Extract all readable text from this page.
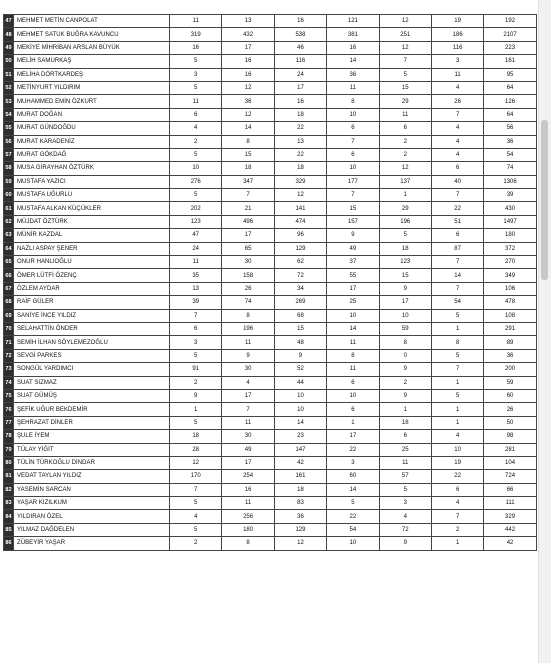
47	MEHMET METİN CANPOLAT	11	13	16	121	12	19	192
48	MEHMET SATUK BUĞRA KAVUNCU	319	432	538	381	251	186	2107
49	MEKİYE MİHRİBAN ARSLAN BÜYÜK	16	17	46	16	12	116	223
50	MELİH SAMURKAŞ	5	16	116	14	7	3	161
51	MELİHA DÖRTKARDEŞ	3	16	24	36	5	11	95
52	METİNYURT YILDIRIM	5	12	17	11	15	4	64
53	MUHAMMED EMİN ÖZKURT	11	36	16	8	29	26	126
54	MURAT DOĞAN	6	12	18	10	11	7	64
55	MURAT GÜNDOĞDU	4	14	22	6	6	4	56
56	MURAT KARADENİZ	2	8	13	7	2	4	36
57	MURAT GÖKDAĞ	5	15	22	6	2	4	54
58	MUSA GİRAYHAN ÖZTÜRK	10	18	18	10	12	6	74
59	MUSTAFA YAZICI	276	347	329	177	137	40	1306
60	MUSTAFA UĞURLU	5	7	12	7	1	7	39
61	MUSTAFA ALKAN KÜÇÜKLER	202	21	141	15	29	22	430
62	MÜJDAT ÖZTÜRK	123	496	474	157	196	51	1497
63	MÜNİR KAZDAL	47	17	96	9	5	6	180
64	NAZLI ASPAY ŞENER	24	65	129	49	18	87	372
65	ONUR HANLIOĞLU	11	30	62	37	123	7	270
66	ÖMER LÜTFİ ÖZENÇ	35	158	72	55	15	14	349
67	ÖZLEM AYDAR	13	26	34	17	9	7	106
68	RAİF GÜLER	39	74	269	25	17	54	478
69	SANİYE İNCE YILDIZ	7	8	68	10	10	5	108
70	SELAHATTİN ÖNDER	6	196	15	14	59	1	291
71	SEMİH İLHAN SÖYLEMEZOĞLU	3	11	48	11	8	8	89
72	SEVGİ PARKES	5	9	9	8	0	5	36
73	SONGÜL YARDIMCI	91	30	52	11	9	7	200
74	SUAT SIZMAZ	2	4	44	6	2	1	59
75	SUAT GÜMÜŞ	9	17	10	10	9	5	60
76	ŞEFİK UĞUR BEKDEMİR	1	7	10	6	1	1	26
77	ŞEHRAZAT DİNLER	5	11	14	1	18	1	50
78	ŞULE İYEM	18	30	23	17	6	4	98
79	TÜLAY YİĞİT	28	49	147	22	25	10	281
80	TÜLİN TÜRKOĞLU DİNDAR	12	17	42	3	11	19	104
81	VEDAT TAYLAN YILDIZ	170	254	161	60	57	22	724
82	YASEMİN SARCAN	7	16	18	14	5	6	66
83	YAŞAR KIZILKUM	5	11	83	5	3	4	111
84	YILDIRAN ÖZEL	4	256	36	22	4	7	329
85	YILMAZ DAĞDELEN	5	180	129	54	72	2	442
86	ZÜBEYİR YAŞAR	2	8	12	10	9	1	42
